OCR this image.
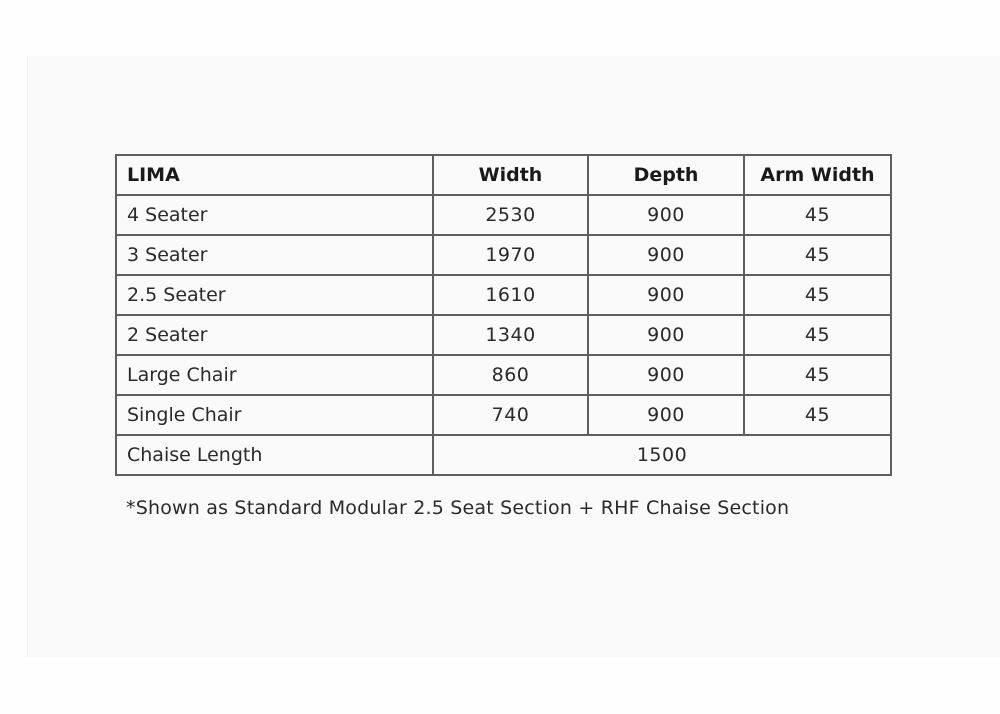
LIMA	Width	Depth	Arm Width
4 Seater	2530	900	45
3 Seater	1970	900	45
2.5 Seater	1610	900	45
2 Seater	1340	900	45
Large Chair	860	900	45
Single Chair	740	900	45
Chaise Length	1500		
*Shown as Standard Modular 2.5 Seat Section + RHF Chaise Section
